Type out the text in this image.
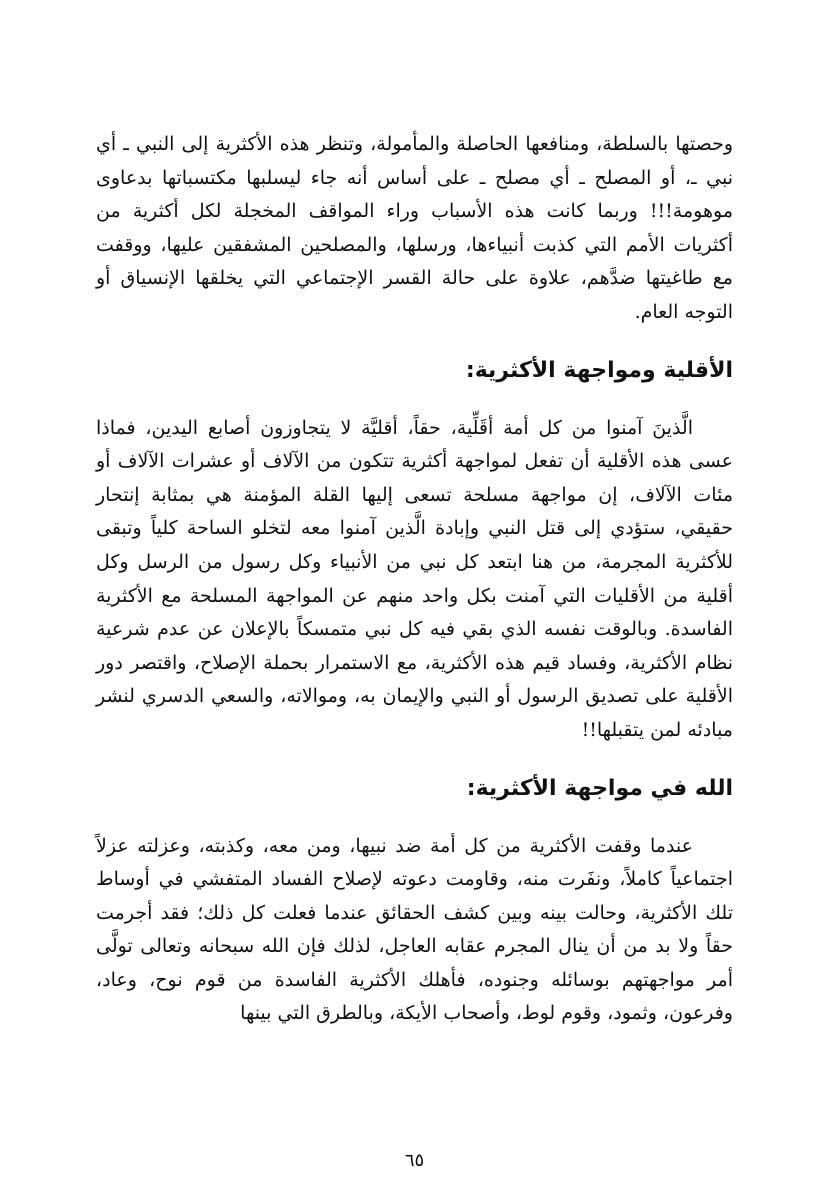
وحصتها بالسلطة، ومنافعها الحاصلة والمأمولة، وتنظر هذه الأكثرية إلى النبي ـ أي نبي ـ، أو المصلح ـ أي مصلح ـ على أساس أنه جاء ليسلبها مكتسباتها بدعاوى موهومة!!! وربما كانت هذه الأسباب وراء المواقف المخجلة لكل أكثرية من أكثريات الأمم التي كذبت أنبياءها، ورسلها، والمصلحين المشفقين عليها، ووقفت مع طاغيتها ضدَّهم، علاوة على حالة القسر الإجتماعي التي يخلقها الإنسياق أو التوجه العام.

الأقلية ومواجهة الأكثرية:

الَّذينَ آمنوا من كل أمة أقَلِّية، حقاً، أقليَّة لا يتجاوزون أصابع اليدين، فماذا عسى هذه الأقلية أن تفعل لمواجهة أكثرية تتكون من الآلاف أو عشرات الآلاف أو مئات الآلاف، إن مواجهة مسلحة تسعى إليها القلة المؤمنة هي بمثابة إنتحار حقيقي، ستؤدي إلى قتل النبي وإبادة الَّذين آمنوا معه لتخلو الساحة كلياً وتبقى للأكثرية المجرمة، من هنا ابتعد كل نبي من الأنبياء وكل رسول من الرسل وكل أقلية من الأقليات التي آمنت بكل واحد منهم عن المواجهة المسلحة مع الأكثرية الفاسدة. وبالوقت نفسه الذي بقي فيه كل نبي متمسكاً بالإعلان عن عدم شرعية نظام الأكثرية، وفساد قيم هذه الأكثرية، مع الاستمرار بحملة الإصلاح، واقتصر دور الأقلية على تصديق الرسول أو النبي والإيمان به، وموالاته، والسعي الدسري لنشر مبادئه لمن يتقبلها!!

الله في مواجهة الأكثرية:

عندما وقفت الأكثرية من كل أمة ضد نبيها، ومن معه، وكذبته، وعزلته عزلاً اجتماعياً كاملاً، ونفَرت منه، وقاومت دعوته لإصلاح الفساد المتفشي في أوساط تلك الأكثرية، وحالت بينه وبين كشف الحقائق عندما فعلت كل ذلك؛ فقد أجرمت حقاً ولا بد من أن ينال المجرم عقابه العاجل، لذلك فإن الله سبحانه وتعالى تولَّى أمر مواجهتهم بوسائله وجنوده، فأهلك الأكثرية الفاسدة من قوم نوح، وعاد، وفرعون، وثمود، وقوم لوط، وأصحاب الأيكة، وبالطرق التي بينها

٦٥
